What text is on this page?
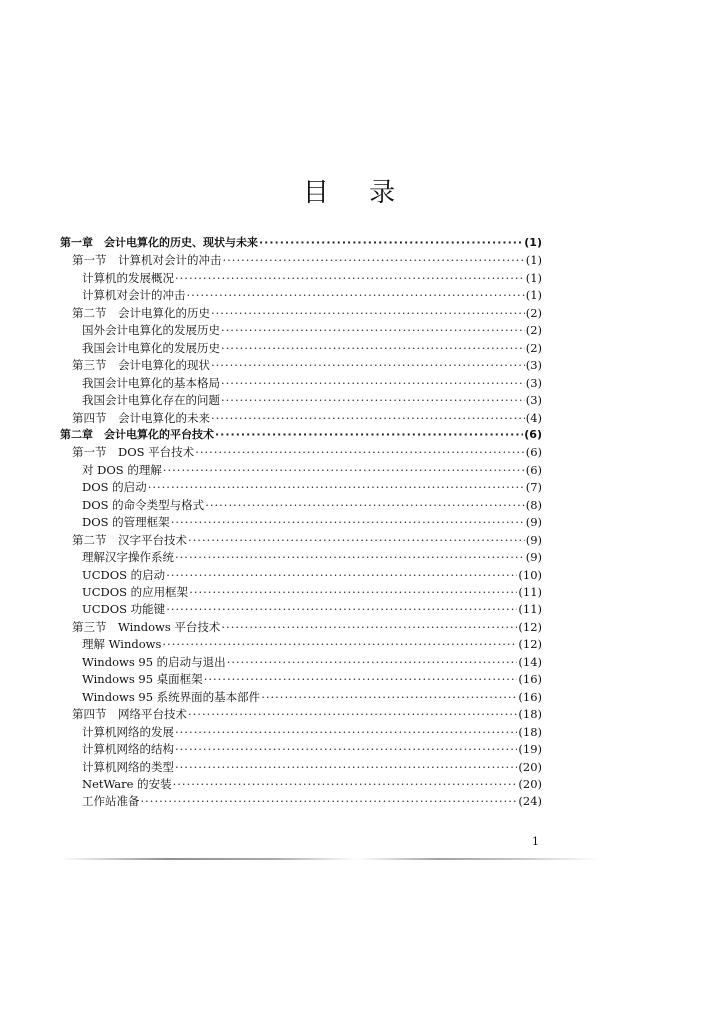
目 录
第一章　会计电算化的历史、现状与未来 ·····	(1)
第一节　计算机对会计的冲击 ·····	(1)
计算机的发展概况 ·····	(1)
计算机对会计的冲击 ·····	(1)
第二节　会计电算化的历史 ·····	(2)
国外会计电算化的发展历史 ·····	(2)
我国会计电算化的发展历史 ·····	(2)
第三节　会计电算化的现状 ·····	(3)
我国会计电算化的基本格局 ·····	(3)
我国会计电算化存在的问题 ·····	(3)
第四节　会计电算化的未来 ·····	(4)
第二章　会计电算化的平台技术 ·····	(6)
第一节　DOS 平台技术 ·····	(6)
对 DOS 的理解 ·····	(6)
DOS 的启动 ·····	(7)
DOS 的命令类型与格式 ·····	(8)
DOS 的管理框架 ·····	(9)
第二节　汉字平台技术 ·····	(9)
理解汉字操作系统 ·····	(9)
UCDOS 的启动 ·····	(10)
UCDOS 的应用框架 ·····	(11)
UCDOS 功能键 ·····	(11)
第三节　Windows 平台技术 ·····	(12)
理解 Windows ·····	(12)
Windows 95 的启动与退出 ·····	(14)
Windows 95 桌面框架 ·····	(16)
Windows 95 系统界面的基本部件 ·····	(16)
第四节　网络平台技术 ·····	(18)
计算机网络的发展 ·····	(18)
计算机网络的结构 ·····	(19)
计算机网络的类型 ·····	(20)
NetWare 的安装 ·····	(20)
工作站准备 ·····	(24)
1
